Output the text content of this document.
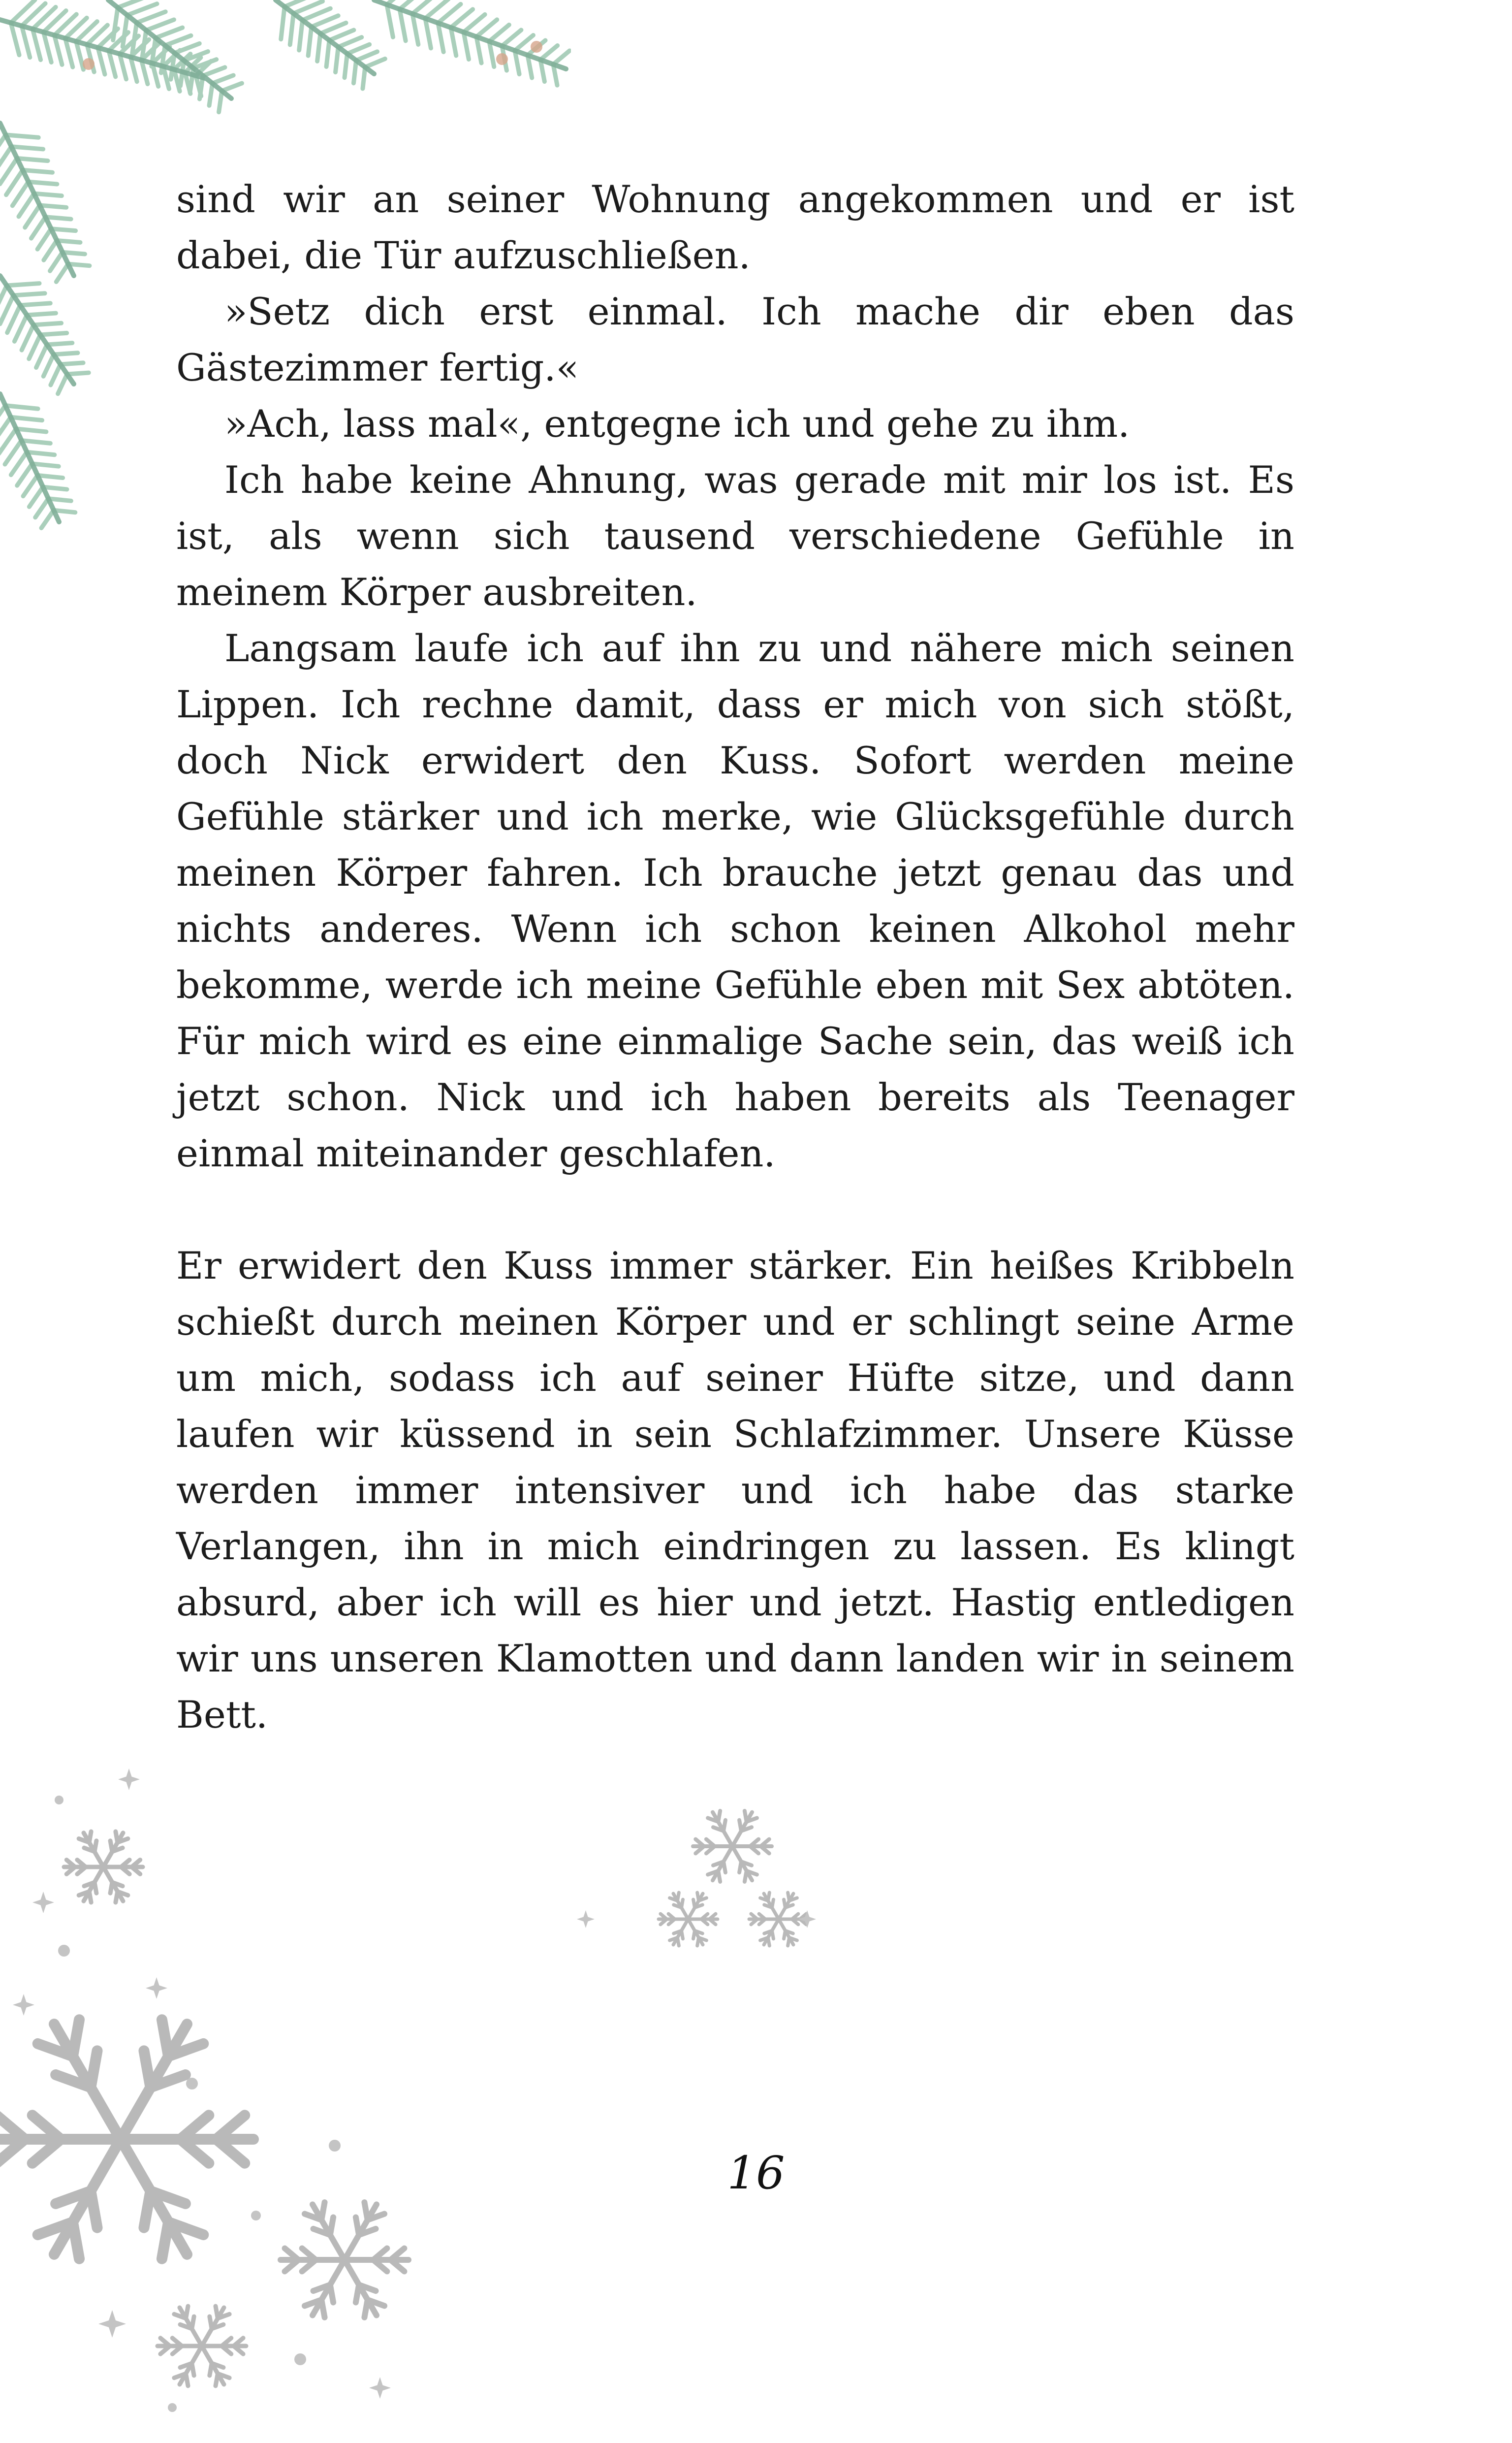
sind wir an seiner Wohnung angekommen und er ist dabei, die Tür aufzuschließen.

»Setz dich erst einmal. Ich mache dir eben das Gästezimmer fertig.«

»Ach, lass mal«, entgegne ich und gehe zu ihm.

Ich habe keine Ahnung, was gerade mit mir los ist. Es ist, als wenn sich tausend verschiedene Gefühle in meinem Körper ausbreiten.

Langsam laufe ich auf ihn zu und nähere mich seinen Lippen. Ich rechne damit, dass er mich von sich stößt, doch Nick erwidert den Kuss. Sofort werden meine Gefühle stärker und ich merke, wie Glücksgefühle durch meinen Körper fahren. Ich brauche jetzt genau das und nichts anderes. Wenn ich schon keinen Alkohol mehr bekomme, werde ich meine Gefühle eben mit Sex abtöten. Für mich wird es eine einmalige Sache sein, das weiß ich jetzt schon. Nick und ich haben bereits als Teenager einmal miteinander geschlafen.

Er erwidert den Kuss immer stärker. Ein heißes Kribbeln schießt durch meinen Körper und er schlingt seine Arme um mich, sodass ich auf seiner Hüfte sitze, und dann laufen wir küssend in sein Schlafzimmer. Unsere Küsse werden immer intensiver und ich habe das starke Verlangen, ihn in mich eindringen zu lassen. Es klingt absurd, aber ich will es hier und jetzt. Hastig entledigen wir uns unseren Klamotten und dann landen wir in seinem Bett.

16
